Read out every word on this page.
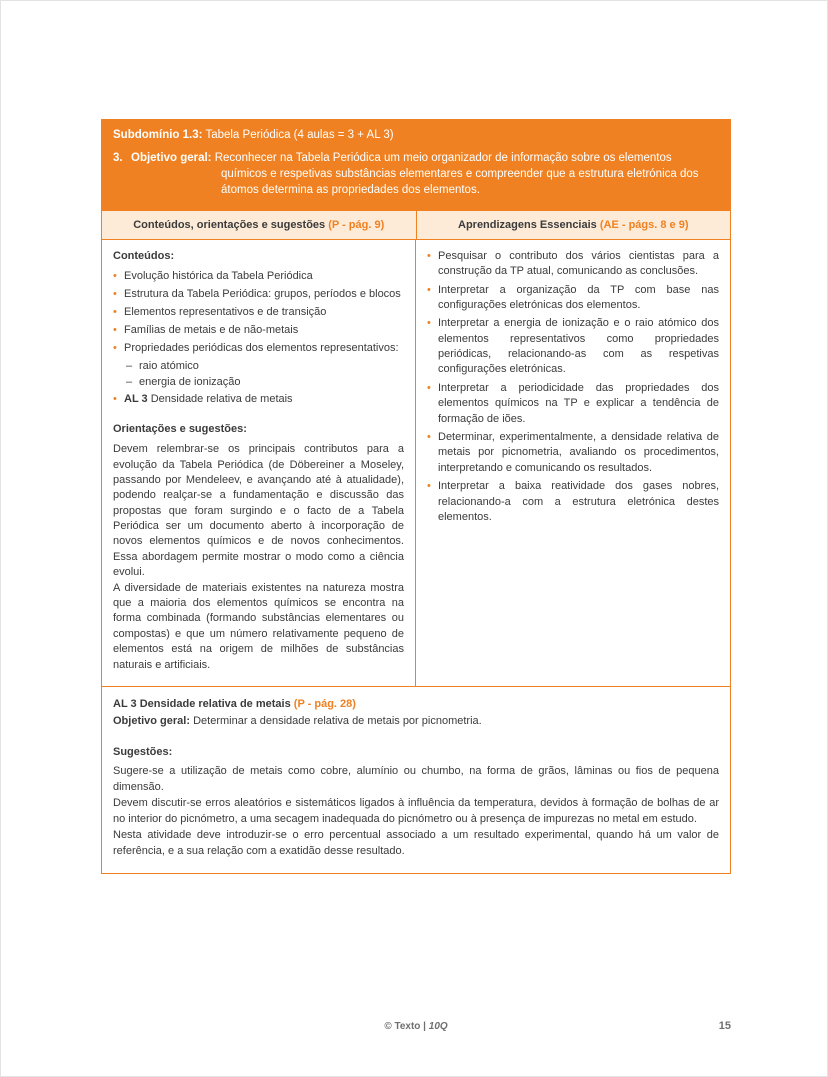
Subdomínio 1.3: Tabela Periódica (4 aulas = 3 + AL 3)
3. Objetivo geral: Reconhecer na Tabela Periódica um meio organizador de informação sobre os elementos químicos e respetivas substâncias elementares e compreender que a estrutura eletrónica dos átomos determina as propriedades dos elementos.
Conteúdos, orientações e sugestões (P - pág. 9)	Aprendizagens Essenciais (AE - págs. 8 e 9)
Conteúdos:
• Evolução histórica da Tabela Periódica
• Estrutura da Tabela Periódica: grupos, períodos e blocos
• Elementos representativos e de transição
• Famílias de metais e de não-metais
• Propriedades periódicas dos elementos representativos:
– raio atómico
– energia de ionização
• AL 3 Densidade relativa de metais
Orientações e sugestões:

Devem relembrar-se os principais contributos para a evolução da Tabela Periódica (de Döbereiner a Moseley, passando por Mendeleev, e avançando até à atualidade), podendo realçar-se a fundamentação e discussão das propostas que foram surgindo e o facto de a Tabela Periódica ser um documento aberto à incorporação de novos elementos químicos e de novos conhecimentos. Essa abordagem permite mostrar o modo como a ciência evolui.

A diversidade de materiais existentes na natureza mostra que a maioria dos elementos químicos se encontra na forma combinada (formando substâncias elementares ou compostas) e que um número relativamente pequeno de elementos está na origem de milhões de substâncias naturais e artificiais.

• Pesquisar o contributo dos vários cientistas para a construção da TP atual, comunicando as conclusões.
• Interpretar a organização da TP com base nas configurações eletrónicas dos elementos.
• Interpretar a energia de ionização e o raio atómico dos elementos representativos como propriedades periódicas, relacionando-as com as respetivas configurações eletrónicas.
• Interpretar a periodicidade das propriedades dos elementos químicos na TP e explicar a tendência de formação de iões.
• Determinar, experimentalmente, a densidade relativa de metais por picnometria, avaliando os procedimentos, interpretando e comunicando os resultados.
• Interpretar a baixa reatividade dos gases nobres, relacionando-a com a estrutura eletrónica destes elementos.
AL 3 Densidade relativa de metais (P - pág. 28)
Objetivo geral: Determinar a densidade relativa de metais por picnometria.
Sugestões:

Sugere-se a utilização de metais como cobre, alumínio ou chumbo, na forma de grãos, lâminas ou fios de pequena dimensão.

Devem discutir-se erros aleatórios e sistemáticos ligados à influência da temperatura, devidos à formação de bolhas de ar no interior do picnómetro, a uma secagem inadequada do picnómetro ou à presença de impurezas no metal em estudo.

Nesta atividade deve introduzir-se o erro percentual associado a um resultado experimental, quando há um valor de referência, e a sua relação com a exatidão desse resultado.

© Texto | 10Q	15
